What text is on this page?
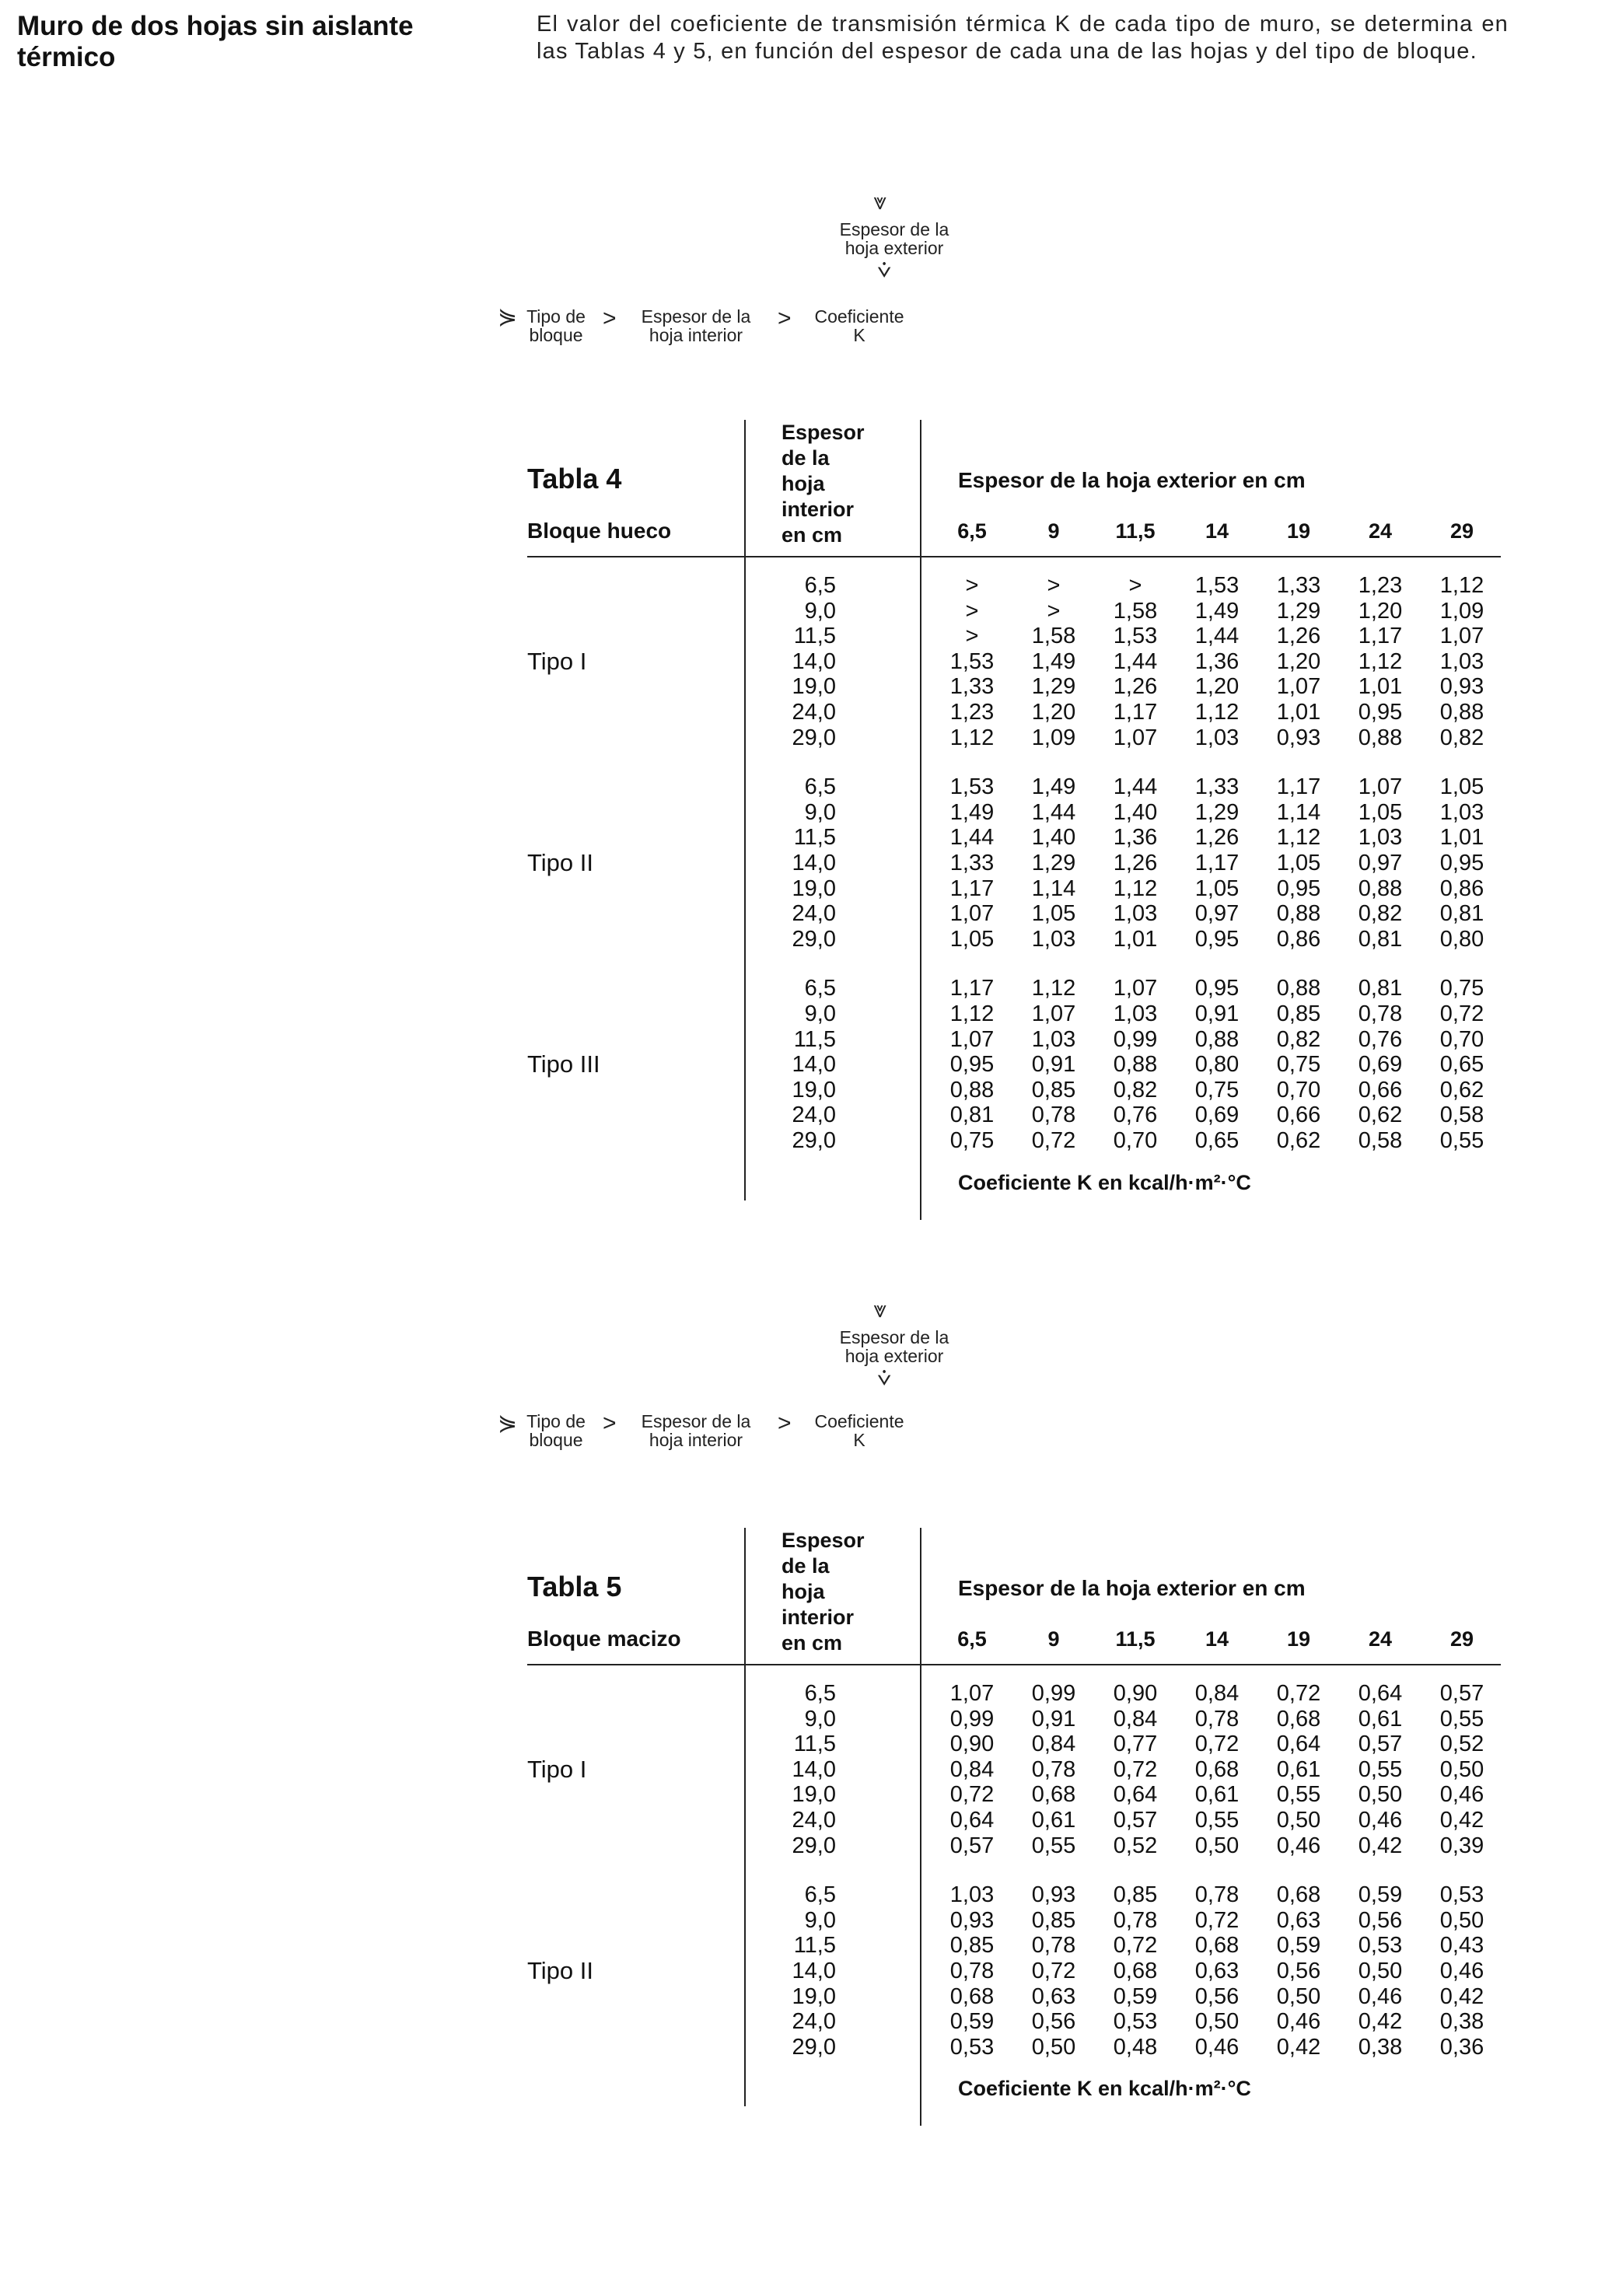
Muro de dos hojas sin aislante térmico
El valor del coeficiente de transmisión térmica K de cada tipo de muro, se determina en las Tablas 4 y 5, en función del espesor de cada una de las hojas y del tipo de bloque.
⩔
Espesor de la
hoja exterior
⩒
⋟ Tipo de
bloque
>	Espesor de la
hoja interior
>	Coeficiente
K
⩔
Espesor de la
hoja exterior
⩒
⋟ Tipo de
bloque
>	Espesor de la
hoja interior
>	Coeficiente
K
Tabla 4
Bloque hueco
Espesor
de la
hoja
interior
en cm
Espesor de la hoja exterior en cm
6,5	9	11,5	14	19	24	29
6,5	>	>	>	1,53	1,33	1,23	1,12
9,0	>	>	1,58	1,49	1,29	1,20	1,09
11,5	>	1,58	1,53	1,44	1,26	1,17	1,07
14,0	1,53	1,49	1,44	1,36	1,20	1,12	1,03
19,0	1,33	1,29	1,26	1,20	1,07	1,01	0,93
24,0	1,23	1,20	1,17	1,12	1,01	0,95	0,88
29,0	1,12	1,09	1,07	1,03	0,93	0,88	0,82
Tipo I
6,5	1,53	1,49	1,44	1,33	1,17	1,07	1,05
9,0	1,49	1,44	1,40	1,29	1,14	1,05	1,03
11,5	1,44	1,40	1,36	1,26	1,12	1,03	1,01
14,0	1,33	1,29	1,26	1,17	1,05	0,97	0,95
19,0	1,17	1,14	1,12	1,05	0,95	0,88	0,86
24,0	1,07	1,05	1,03	0,97	0,88	0,82	0,81
29,0	1,05	1,03	1,01	0,95	0,86	0,81	0,80
Tipo II
6,5	1,17	1,12	1,07	0,95	0,88	0,81	0,75
9,0	1,12	1,07	1,03	0,91	0,85	0,78	0,72
11,5	1,07	1,03	0,99	0,88	0,82	0,76	0,70
14,0	0,95	0,91	0,88	0,80	0,75	0,69	0,65
19,0	0,88	0,85	0,82	0,75	0,70	0,66	0,62
24,0	0,81	0,78	0,76	0,69	0,66	0,62	0,58
29,0	0,75	0,72	0,70	0,65	0,62	0,58	0,55
Tipo III
Coeficiente K en kcal/h·m²·°C
Tabla 5
Bloque macizo
Espesor
de la
hoja
interior
en cm
Espesor de la hoja exterior en cm
6,5	9	11,5	14	19	24	29
6,5	1,07	0,99	0,90	0,84	0,72	0,64	0,57
9,0	0,99	0,91	0,84	0,78	0,68	0,61	0,55
11,5	0,90	0,84	0,77	0,72	0,64	0,57	0,52
14,0	0,84	0,78	0,72	0,68	0,61	0,55	0,50
19,0	0,72	0,68	0,64	0,61	0,55	0,50	0,46
24,0	0,64	0,61	0,57	0,55	0,50	0,46	0,42
29,0	0,57	0,55	0,52	0,50	0,46	0,42	0,39
Tipo I
6,5	1,03	0,93	0,85	0,78	0,68	0,59	0,53
9,0	0,93	0,85	0,78	0,72	0,63	0,56	0,50
11,5	0,85	0,78	0,72	0,68	0,59	0,53	0,43
14,0	0,78	0,72	0,68	0,63	0,56	0,50	0,46
19,0	0,68	0,63	0,59	0,56	0,50	0,46	0,42
24,0	0,59	0,56	0,53	0,50	0,46	0,42	0,38
29,0	0,53	0,50	0,48	0,46	0,42	0,38	0,36
Tipo II
Coeficiente K en kcal/h·m²·°C
